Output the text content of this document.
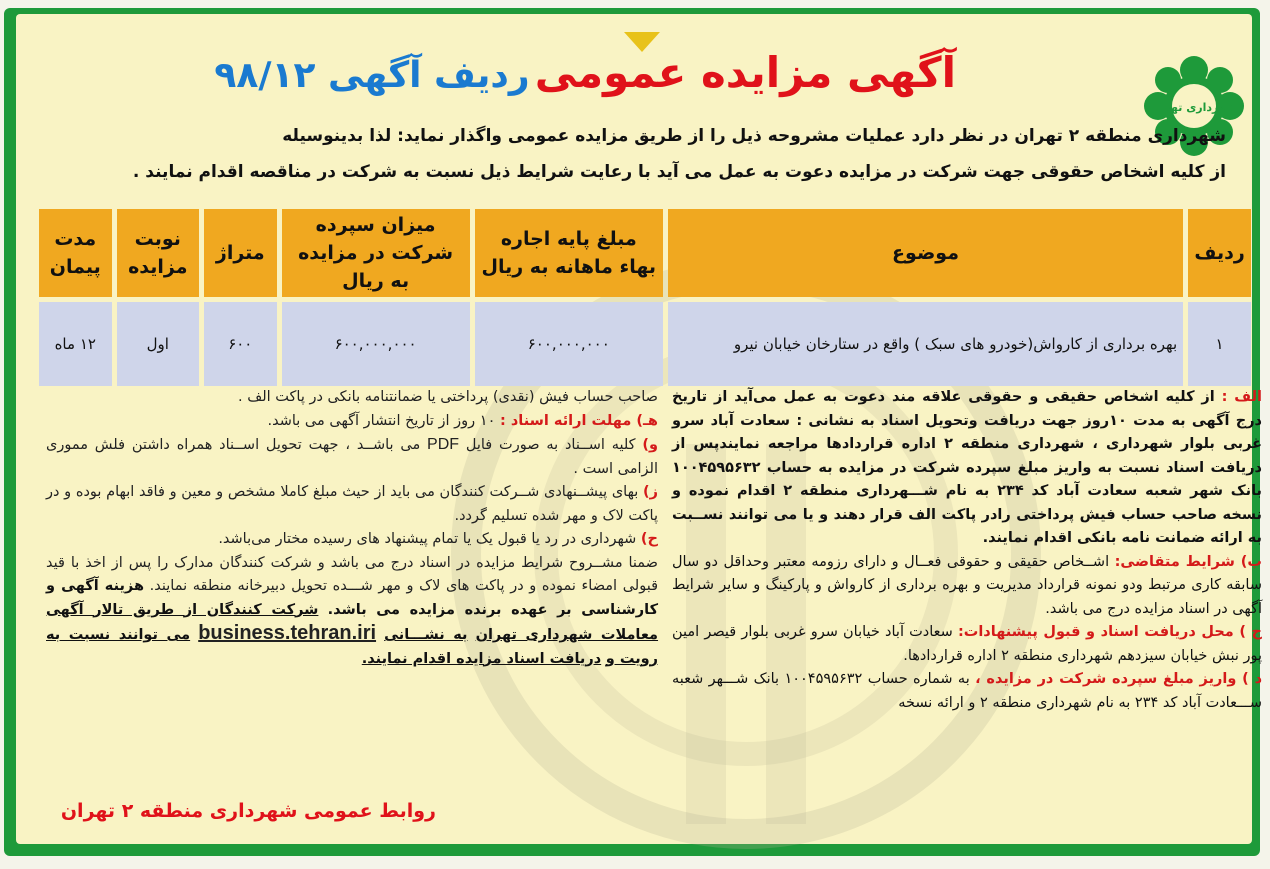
شهرداری تهران
آگهی مزایده عمومی ردیف آگهی ۹۸/۱۲

شهرداری منطقه ۲ تهران در نظر دارد عملیات مشروحه ذیل را از طریق مزایده عمومی واگذار نماید: لذا بدینوسیله

از کلیه اشخاص حقوقی جهت شرکت در مزایده دعوت به عمل می آید با رعایت شرایط ذیل نسبت به شرکت در مناقصه اقدام نمایند .

ردیف	موضوع	مبلغ پایه اجاره بهاء ماهانه به ریال	میزان سپرده شرکت در مزایده به ریال	متراژ	نوبت مزایده	مدت پیمان
۱	بهره برداری از کارواش(خودرو های سبک ) واقع در ستارخان خیابان نیرو	۶۰۰,۰۰۰,۰۰۰	۶۰۰,۰۰۰,۰۰۰	۶۰۰	اول	۱۲ ماه

الف : از کلیه اشخاص حقیقی و حقوقی علاقه مند دعوت به عمل می‌آید از تاریخ درج آگهی به مدت ۱۰روز جهت دریافت وتحویل اسناد به نشانی : سعادت آباد سرو غربی بلوار شهرداری ، شهرداری منطقه ۲ اداره قراردادها مراجعه نمایندپس از دریافت اسناد نسبت به واریز مبلغ سپرده شرکت در مزایده به حساب ۱۰۰۴۵۹۵۶۳۲ بانک شهر شعبه سعادت آباد کد ۲۳۴ به نام شـــهرداری منطقه ۲ اقدام نموده و نسخه صاحب حساب فیش پرداختی رادر پاکت الف قرار دهند و یا می توانند نســبت به ارائه ضمانت نامه بانکی اقدام نمایند.

ب) شرایط متقاضی: اشــخاص حقیقی و حقوقی فعــال و دارای رزومه معتبر وحداقل دو سال سابقه کاری مرتبط ودو نمونه قرارداد مدیریت و بهره برداری از کارواش و پارکینگ و سایر شرایط آگهی در اسناد مزایده درج می باشد.

ج ) محل دریافت اسناد و قبول پیشنهادات: سعادت آباد خیابان سرو غربی بلوار قیصر امین پور نبش خیابان سیزدهم شهرداری منطقه ۲ اداره قراردادها.

د ) واریز مبلغ سپرده شرکت در مزایده ، به شماره حساب ۱۰۰۴۵۹۵۶۳۲ بانک شـــهر شعبه ســـعادت آباد کد ۲۳۴ به نام شهرداری منطقه ۲ و ارائه نسخه

صاحب حساب فیش (نقدی) پرداختی یا ضمانتنامه بانکی در پاکت الف .

هـ) مهلت ارائه اسناد : ۱۰ روز از تاریخ انتشار آگهی می باشد.

و) کلیه اســناد به صورت فایل PDF می باشــد ، جهت تحویل اســناد همراه داشتن فلش مموری الزامی است .

ز) بهای پیشــنهادی شــرکت کنندگان می باید از حیث مبلغ کاملا مشخص و معین و فاقد ابهام بوده و در پاکت لاک و مهر شده تسلیم گردد.

ح) شهرداری در رد یا قبول یک یا تمام پیشنهاد های رسیده مختار می‌باشد.

ضمنا مشــروح شرایط مزایده در اسناد درج می باشد و شرکت کنندگان مدارک را پس از اخذ با قید قبولی امضاء نموده و در پاکت های لاک و مهر شـــده تحویل دبیرخانه منطقه نمایند. هزینه آگهی و کارشناسی بر عهده برنده مزایده می باشد. شرکت کنندگان از طریق تالار آگهی معاملات شهرداری تهران به نشـــانی business.tehran.iri می توانند نسبت به رویت و دریافت اسناد مزایده اقدام نمایند.

روابط عمومی شهرداری منطقه ۲ تهران
